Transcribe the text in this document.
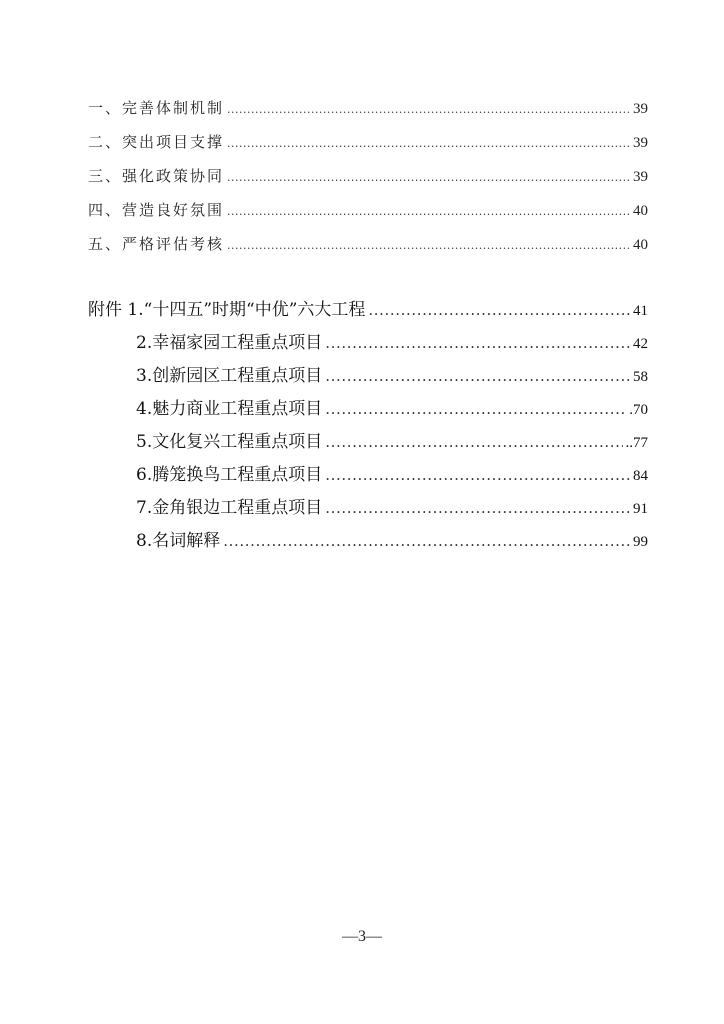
一、完善体制机制 .....	39
二、突出项目支撑 .....	39
三、强化政策协同 .....	39
四、营造良好氛围 .....	40
五、严格评估考核 .....	40
附件 1.“十四五”时期“中优”六大工程 .....	41
2.幸福家园工程重点项目 .....	42
3.创新园区工程重点项目 .....	58
4.魅力商业工程重点项目 .....	.70
5.文化复兴工程重点项目 .....	..77
6.腾笼换鸟工程重点项目 .....	84
7.金角银边工程重点项目 .....	91
8.名词解释 .....	99
—3—
